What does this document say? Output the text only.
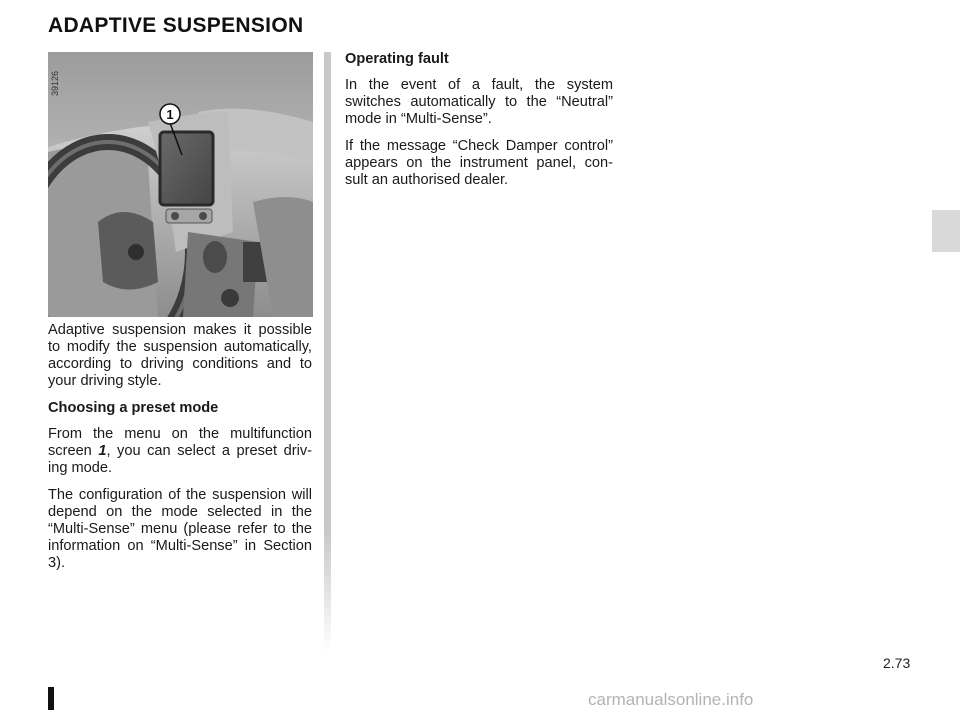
ADAPTIVE SUSPENSION
1
39126

Adaptive suspension makes it possible to modify the suspension automatically, according to driving conditions and to your driving style.

Choosing a preset mode

From the menu on the multifunction screen 1, you can select a preset driv-ing mode.

The configuration of the suspension will depend on the mode selected in the “Multi-Sense” menu (please refer to the information on “Multi-Sense” in Section 3).

Operating fault

In the event of a fault, the system switches automatically to the “Neutral” mode in “Multi-Sense”.

If the message “Check Damper control” appears on the instrument panel, con-sult an authorised dealer.

2.73
carmanualsonline.info
